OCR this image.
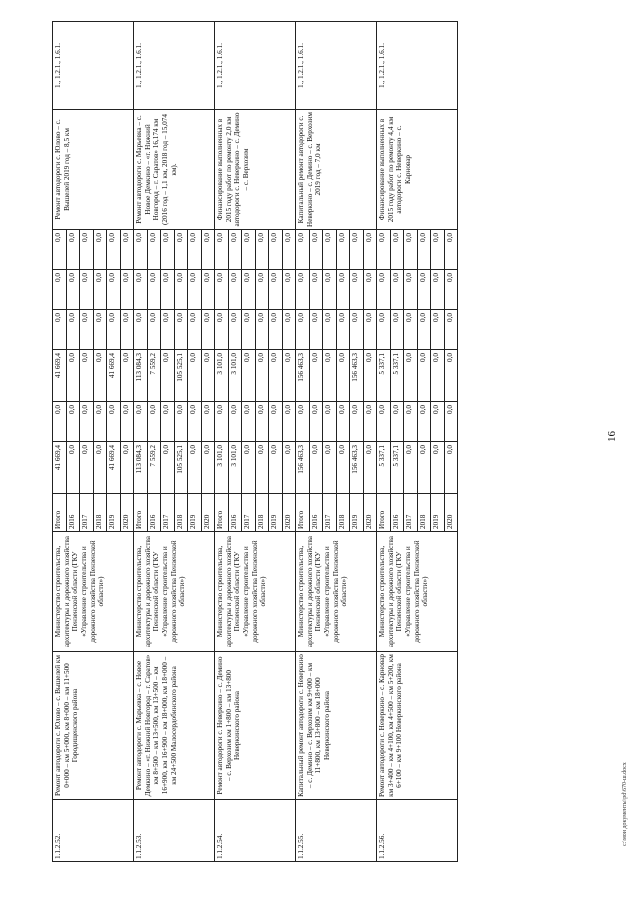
16
1.1.2.52.	Ремонт автодороги с. Юлово – с. Вышелей км 0+000 – км 5+000, км 8+000 – км 11+500 Городищенского района	Министерство строительства, архитектуры и дорожного хозяйства Пензенской области (ГКУ «Управление строительства и дорожного хозяйства Пензенской области»)	Итого	41 669,4	0,0	41 669,4	0,0	0,0	0,0	Ремонт автодороги с. Юлово – с. Вышелей 2019 год – 8,5 км	1., 1.2.1., 1.6.1.
			2016	0,0	0,0	0,0	0,0	0,0	0,0		
			2017	0,0	0,0	0,0	0,0	0,0	0,0		
			2018	0,0	0,0	0,0	0,0	0,0	0,0		
			2019	41 669,4	0,0	41 669,4	0,0	0,0	0,0		
			2020	0,0	0,0	0,0	0,0	0,0	0,0		
1.1.2.53.	Ремонт автодороги с. Марьевка – с. Новое Демкино – «г. Нижний Новгород – г. Саратов» км 8+500 – км 13+500, км 13+500 – км 16+900, км 16+900 – км 18+000, км 18+000 – км 24+500 Малосердобинского района	Министерство строительства, архитектуры и дорожного хозяйства Пензенской области (ГКУ «Управление строительства и дорожного хозяйства Пензенской области»)	Итого	113 084,3	0,0	113 084,3	0,0	0,0	0,0	Ремонт автодороги с. Марьевка – с. Новое Демкино – «г. Нижний Новгород – г. Саратов» 16,174 км (2016 год – 1,1 км, 2018 год – 15,074 км).	1., 1.2.1., 1.6.1.
			2016	7 559,2	0,0	7 559,2	0,0	0,0	0,0		
			2017	0,0	0,0	0,0	0,0	0,0	0,0		
			2018	105 525,1	0,0	105 525,1	0,0	0,0	0,0		
			2019	0,0	0,0	0,0	0,0	0,0	0,0		
			2020	0,0	0,0	0,0	0,0	0,0	0,0		
1.1.2.54.	Ремонт автодороги с. Неверкино – с. Демино – с. Верхозим км 1+800 – км 13+800 Неверкинского района	Министерство строительства, архитектуры и дорожного хозяйства Пензенской области (ГКУ «Управление строительства и дорожного хозяйства Пензенской области»)	Итого	3 101,0	0,0	3 101,0	0,0	0,0	0,0	Финансирование выполненных в 2015 году работ по ремонту 2,0 км автодороги с. Неверкино – с. Демино – с. Верхозим	1., 1.2.1., 1.6.1.
			2016	3 101,0	0,0	3 101,0	0,0	0,0	0,0		
			2017	0,0	0,0	0,0	0,0	0,0	0,0		
			2018	0,0	0,0	0,0	0,0	0,0	0,0		
			2019	0,0	0,0	0,0	0,0	0,0	0,0		
			2020	0,0	0,0	0,0	0,0	0,0	0,0		
1.1.2.55.	Капитальный ремонт автодороги с. Неверкино – с. Демино – с. Верхозим км 9+000 – км 11+800, км 13+800 – км 18+000 Неверкинского района	Министерство строительства, архитектуры и дорожного хозяйства Пензенской области (ГКУ «Управление строительства и дорожного хозяйства Пензенской области»)	Итого	156 463,3	0,0	156 463,3	0,0	0,0	0,0	Капитальный ремонт автодороги с. Неверкино – с. Демино – с. Верхозим 2019 год – 7,0 км	1., 1.2.1., 1.6.1.
			2016	0,0	0,0	0,0	0,0	0,0	0,0		
			2017	0,0	0,0	0,0	0,0	0,0	0,0		
			2018	0,0	0,0	0,0	0,0	0,0	0,0		
			2019	156 463,3	0,0	156 463,3	0,0	0,0	0,0		
			2020	0,0	0,0	0,0	0,0	0,0	0,0		
1.1.2.56.	Ремонт автодороги с. Неверкино – с. Карновар км 3+400 – км 4+100, км 4+500 – км 5+200, км 6+100 – км 9+100 Неверкинского района	Министерство строительства, архитектуры и дорожного хозяйства Пензенской области (ГКУ «Управление строительства и дорожного хозяйства Пензенской области»)	Итого	5 337,1	0,0	5 337,1	0,0	0,0	0,0	Финансирование выполненных в 2015 году работ по ремонту 4,4 км автодороги с. Неверкино – с. Карновар	1., 1.2.1., 1.6.1.
			2016	5 337,1	0,0	5 337,1	0,0	0,0	0,0		
			2017	0,0	0,0	0,0	0,0	0,0	0,0		
			2018	0,0	0,0	0,0	0,0	0,0	0,0		
			2019	0,0	0,0	0,0	0,0	0,0	0,0		
			2020	0,0	0,0	0,0	0,0	0,0	0,0		
c:\мои документы\pd\670-ш.docx
